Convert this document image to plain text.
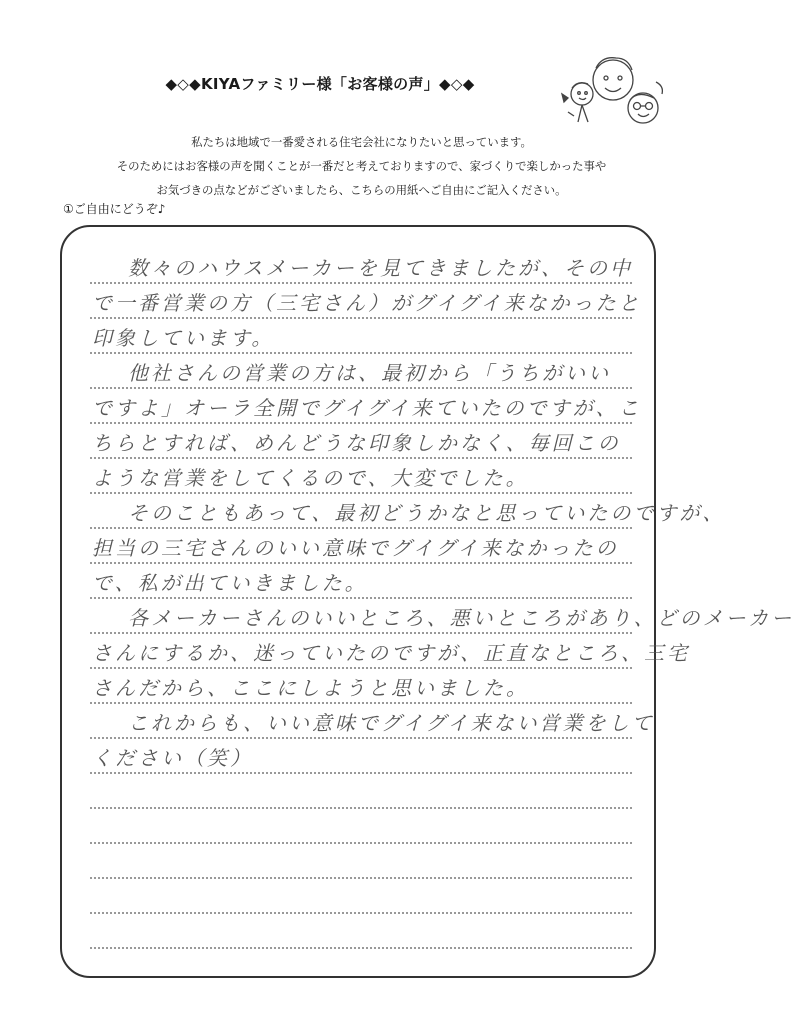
◆◇◆KIYAファミリー様「お客様の声」◆◇◆
私たちは地域で一番愛される住宅会社になりたいと思っています。
そのためにはお客様の声を聞くことが一番だと考えておりますので、家づくりで楽しかった事や
お気づきの点などがございましたら、こちらの用紙へご自由にご記入ください。
①ご自由にどうぞ♪
数々のハウスメーカーを見てきましたが、その中
で一番営業の方（三宅さん）がグイグイ来なかったと
印象しています。
他社さんの営業の方は、最初から「うちがいい
ですよ」オーラ全開でグイグイ来ていたのですが、こ
ちらとすれば、めんどうな印象しかなく、毎回この
ような営業をしてくるので、大変でした。
そのこともあって、最初どうかなと思っていたのですが、
担当の三宅さんのいい意味でグイグイ来なかったの
で、私が出ていきました。
各メーカーさんのいいところ、悪いところがあり、どのメーカー
さんにするか、迷っていたのですが、正直なところ、三宅
さんだから、ここにしようと思いました。
これからも、いい意味でグイグイ来ない営業をして
ください（笑）
